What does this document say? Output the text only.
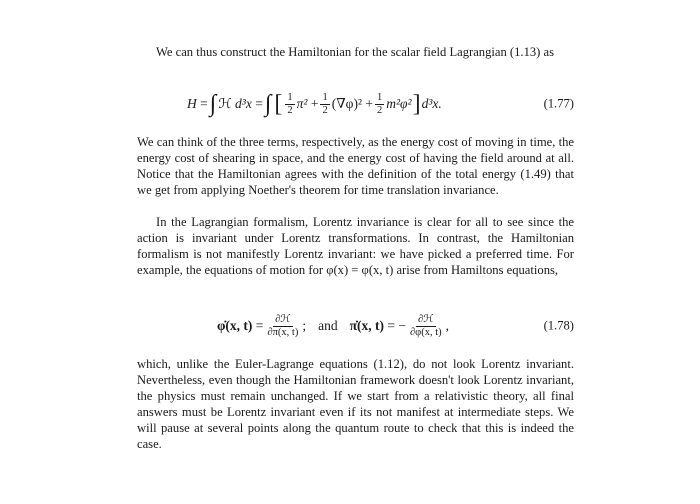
We can thus construct the Hamiltonian for the scalar field Lagrangian (1.13) as

H
= ∫ ℋ
d³x
= ∫ [ $\frac{1}{2} \pi^2$
+ $\frac{1}{2} (\nabla\varphi)^2$
+ $\frac{1}{2} m^2\varphi^2$ ] d³x.	(1.77)

We can think of the three terms, respectively, as the energy cost of moving in time, the energy cost of shearing in space, and the energy cost of having the field around at all. Notice that the Hamiltonian agrees with the definition of the total energy (1.49) that we get from applying Noether's theorem for time translation invariance.

In the Lagrangian formalism, Lorentz invariance is clear for all to see since the action is invariant under Lorentz transformations. In contrast, the Hamiltonian formalism is not manifestly Lorentz invariant: we have picked a preferred time. For example, the equations of motion for φ(x) = φ(x, t) arise from Hamiltons equations,

φ̇(x, t)
= $\frac{\text{∂ℋ}}{\partial\pi(x, t)}$ ; and π̇(x, t)
=
− $\frac{\text{∂ℋ}}{\partial\varphi(x, t)}$ ,	(1.78)

which, unlike the Euler-Lagrange equations (1.12), do not look Lorentz invariant. Nevertheless, even though the Hamiltonian framework doesn't look Lorentz invariant, the physics must remain unchanged. If we start from a relativistic theory, all final answers must be Lorentz invariant even if its not manifest at intermediate steps. We will pause at several points along the quantum route to check that this is indeed the case.
